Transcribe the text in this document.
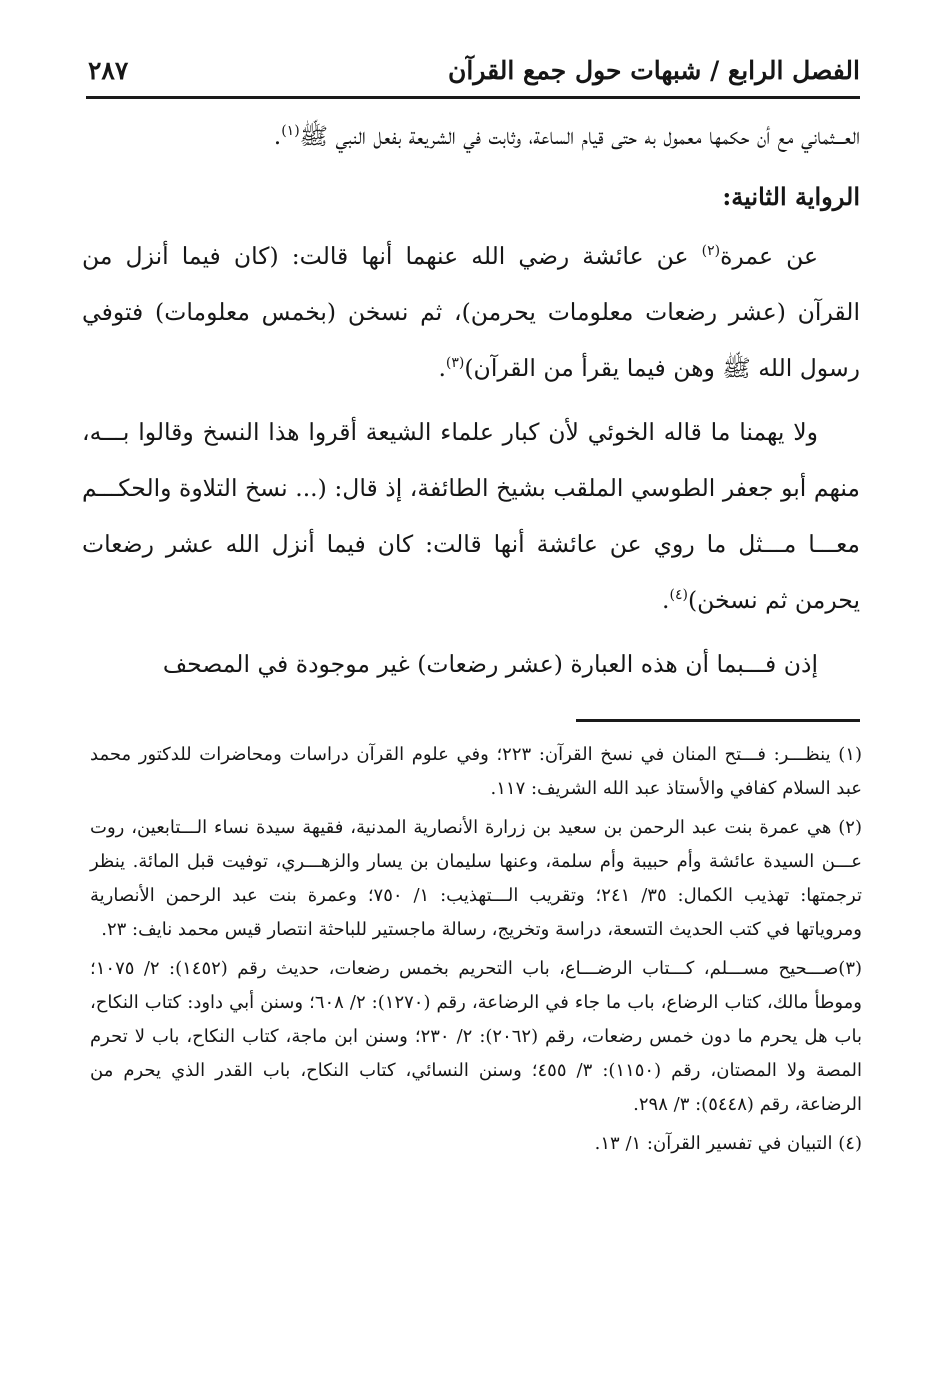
الفصل الرابع / شبهات حول جمع القرآن
٢٨٧

العـــثماني مع أن حكمها معمول به حتى قيام الساعة، وثابت في الشريعة بفعل النبي ﷺ$^{(١)}$.

الرواية الثانية:

عن عمرة$^{(٢)}$ عن عائشة رضي الله عنهما أنها قالت: (كان فيما أنزل من القرآن (عشر رضعات معلومات يحرمن)، ثم نسخن (بخمس معلومات) فتوفي رسول الله ﷺ وهن فيما يقرأ من القرآن)$^{(٣)}$.

ولا يهمنا ما قاله الخوئي لأن كبار علماء الشيعة أقروا هذا النسخ وقالوا بـــه، منهم أبو جعفر الطوسي الملقب بشيخ الطائفة، إذ قال: (... نسخ التلاوة والحكـــم معـــا مـــثل ما روي عن عائشة أنها قالت: كان فيما أنزل الله عشر رضعات يحرمن ثم نسخن)$^{(٤)}$.

إذن فـــبما أن هذه العبارة (عشر رضعات) غير موجودة في المصحف

(١) ينظـــر: فـــتح المنان في نسخ القرآن: ٢٢٣؛ وفي علوم القرآن دراسات ومحاضرات للدكتور محمد عبد السلام كفافي والأستاذ عبد الله الشريف: ١١٧.

(٢) هي عمرة بنت عبد الرحمن بن سعيد بن زرارة الأنصارية المدنية، فقيهة سيدة نساء الـــتابعين، روت عـــن السيدة عائشة وأم حبيبة وأم سلمة، وعنها سليمان بن يسار والزهـــري، توفيت قبل المائة. ينظر ترجمتها: تهذيب الكمال: ٣٥/ ٢٤١؛ وتقريب الـــتهذيب: ١/ ٧٥٠؛ وعمرة بنت عبد الرحمن الأنصارية ومروياتها في كتب الحديث التسعة، دراسة وتخريج، رسالة ماجستير للباحثة انتصار قيس محمد نايف: ٢٣.

(٣)صـــحيح مســـلم، كـــتاب الرضـــاع، باب التحريم بخمس رضعات، حديث رقم (١٤٥٢): ٢/ ١٠٧٥؛ وموطأ مالك، كتاب الرضاع، باب ما جاء في الرضاعة، رقم (١٢٧٠): ٢/ ٦٠٨؛ وسنن أبي داود: كتاب النكاح، باب هل يحرم ما دون خمس رضعات، رقم (٢٠٦٢): ٢/ ٢٣٠؛ وسنن ابن ماجة، كتاب النكاح، باب لا تحرم المصة ولا المصتان، رقم (١١٥٠): ٣/ ٤٥٥؛ وسنن النسائي، كتاب النكاح، باب القدر الذي يحرم من الرضاعة، رقم (٥٤٤٨): ٣/ ٢٩٨.

(٤) التبيان في تفسير القرآن: ١/ ١٣.
